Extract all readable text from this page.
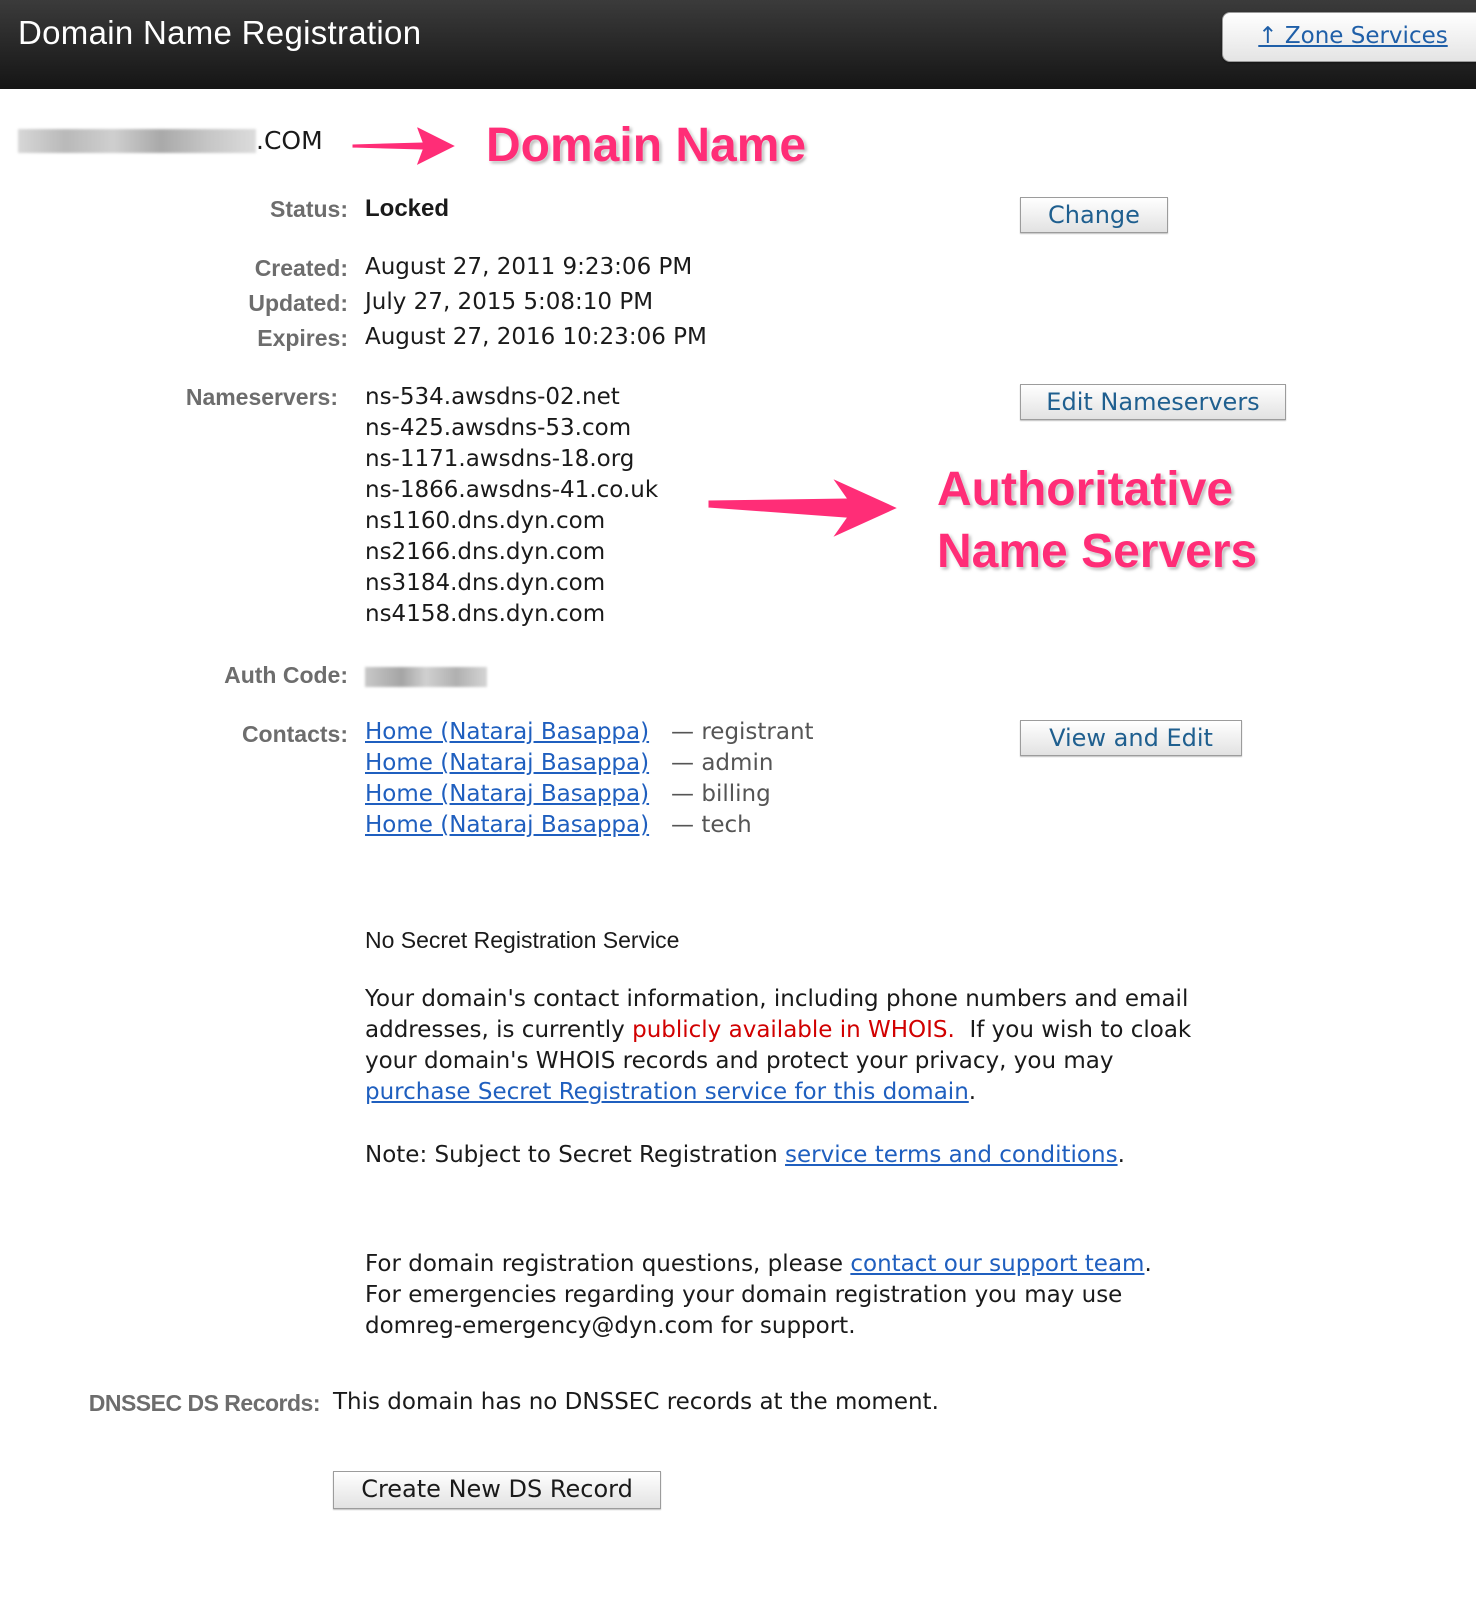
Domain Name Registration	↑ Zone Services
.COM	Domain Name
Status: Locked	Change
Created: August 27, 2011 9:23:06 PM
Updated: July 27, 2015 5:08:10 PM
Expires: August 27, 2016 10:23:06 PM
Nameservers: ns-534.awsdns-02.net
ns-425.awsdns-53.com
ns-1171.awsdns-18.org
ns-1866.awsdns-41.co.uk
ns1160.dns.dyn.com
ns2166.dns.dyn.com
ns3184.dns.dyn.com
ns4158.dns.dyn.com
Edit Nameservers
Authoritative
Name Servers
Auth Code:
Contacts: Home (Nataraj Basappa) — registrant
Home (Nataraj Basappa) — admin
Home (Nataraj Basappa) — billing
Home (Nataraj Basappa) — tech
View and Edit
No Secret Registration Service
Your domain's contact information, including phone numbers and email addresses, is currently publicly available in WHOIS.  If you wish to cloak your domain's WHOIS records and protect your privacy, you may purchase Secret Registration service for this domain.
Note: Subject to Secret Registration service terms and conditions.
For domain registration questions, please contact our support team.
For emergencies regarding your domain registration you may use
domreg-emergency@dyn.com for support.
DNSSEC DS Records: This domain has no DNSSEC records at the moment.
Create New DS Record
